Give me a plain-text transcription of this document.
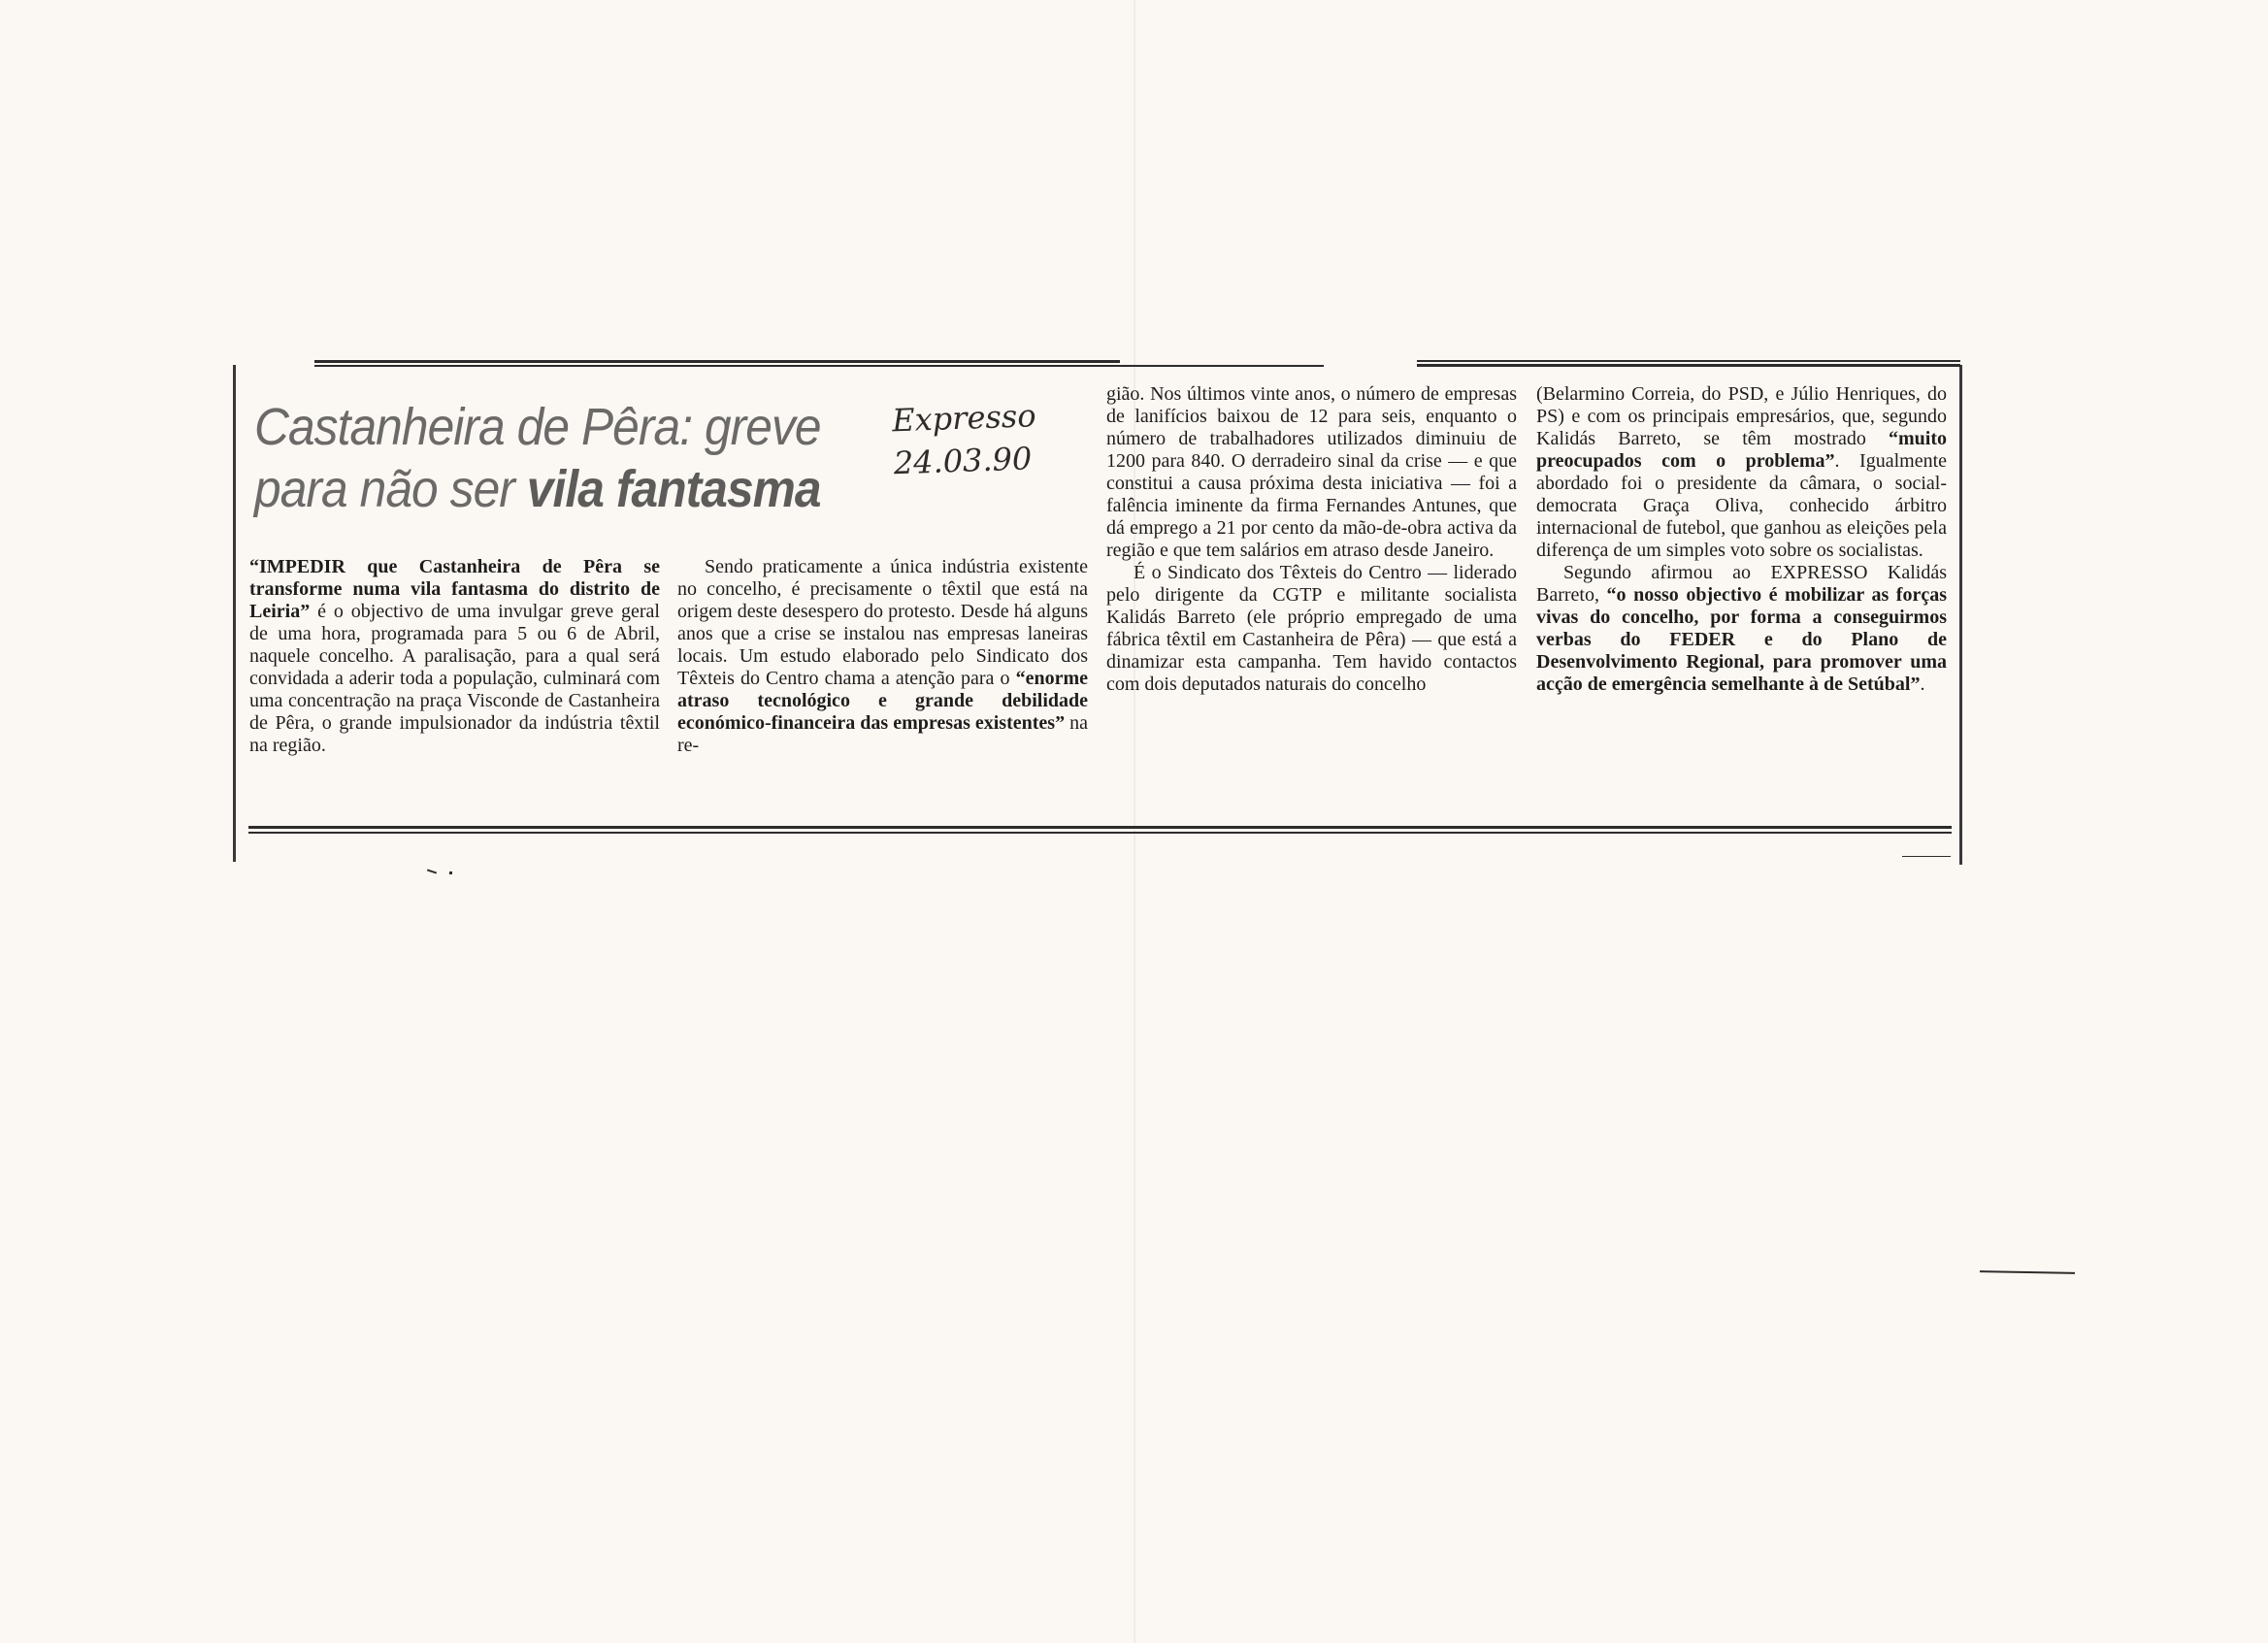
Castanheira de Pêra: greve
para não ser vila fantasma
Expresso
24.03.90

“IMPEDIR que Castanheira de Pêra se transforme numa vila fantasma do distrito de Leiria” é o objectivo de uma invulgar greve geral de uma hora, programada para 5 ou 6 de Abril, naquele concelho. A paralisação, para a qual será convidada a aderir toda a população, culminará com uma concentração na praça Visconde de Castanheira de Pêra, o grande impulsionador da indústria têxtil na região.

Sendo praticamente a única indústria existente no concelho, é precisamente o têxtil que está na origem deste desespero do protesto. Desde há alguns anos que a crise se instalou nas empresas laneiras locais. Um estudo elaborado pelo Sindicato dos Têxteis do Centro chama a atenção para o “enorme atraso tecnológico e grande debilidade económico-financeira das empresas existentes” na re-

gião. Nos últimos vinte anos, o número de empresas de lanifícios baixou de 12 para seis, enquanto o número de trabalhadores utilizados diminuiu de 1200 para 840. O derradeiro sinal da crise — e que constitui a causa próxima desta iniciativa — foi a falência iminente da firma Fernandes Antunes, que dá emprego a 21 por cento da mão-de-obra activa da região e que tem salários em atraso desde Janeiro.

É o Sindicato dos Têxteis do Centro — liderado pelo dirigente da CGTP e militante socialista Kalidás Barreto (ele próprio empregado de uma fábrica têxtil em Castanheira de Pêra) — que está a dinamizar esta campanha. Tem havido contactos com dois deputados naturais do concelho

(Belarmino Correia, do PSD, e Júlio Henriques, do PS) e com os principais empresários, que, segundo Kalidás Barreto, se têm mostrado “muito preocupados com o problema”. Igualmente abordado foi o presidente da câmara, o social-democrata Graça Oliva, conhecido árbitro internacional de futebol, que ganhou as eleições pela diferença de um simples voto sobre os socialistas.

Segundo afirmou ao EXPRESSO Kalidás Barreto, “o nosso objectivo é mobilizar as forças vivas do concelho, por forma a conseguirmos verbas do FEDER e do Plano de Desenvolvimento Regional, para promover uma acção de emergência semelhante à de Setúbal”.
